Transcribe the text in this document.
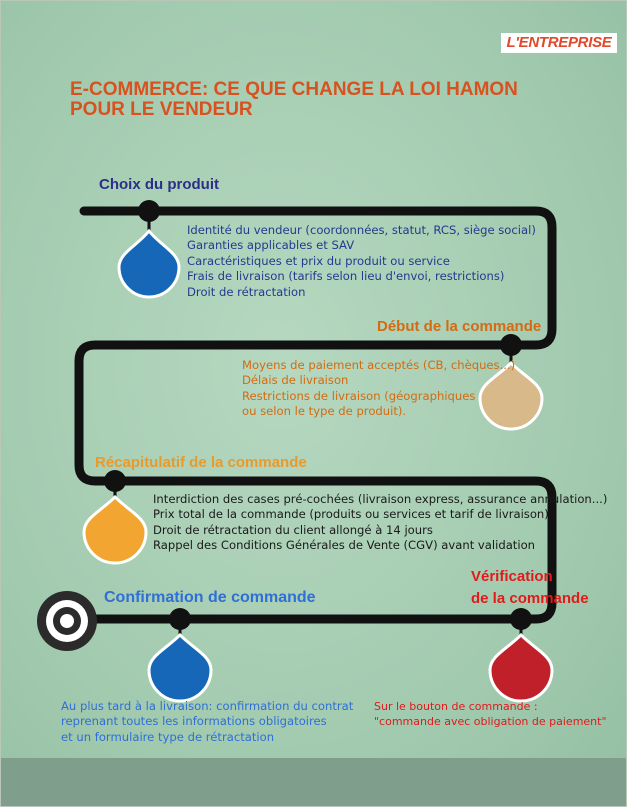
L'ENTREPRISE
E-COMMERCE: CE QUE CHANGE LA LOI HAMON
POUR LE VENDEUR
Choix du produit
Identité du vendeur (coordonnées, statut, RCS, siège social)
Garanties applicables et SAV
Caractéristiques et prix du produit ou service
Frais de livraison (tarifs selon lieu d'envoi, restrictions)
Droit de rétractation
Début de la commande
Moyens de paiement acceptés (CB, chèques...)
Délais de livraison
Restrictions de livraison (géographiques
ou selon le type de produit).
Récapitulatif de la commande
Interdiction des cases pré-cochées (livraison express, assurance annulation...)
Prix total de la commande (produits ou services et tarif de livraison)
Droit de rétractation du client allongé à 14 jours
Rappel des Conditions Générales de Vente (CGV) avant validation
Vérification
de la commande
Sur le bouton de commande :
"commande avec obligation de paiement"
Confirmation de commande
Au plus tard à la livraison: confirmation du contrat
reprenant toutes les informations obligatoires
et un formulaire type de rétractation
